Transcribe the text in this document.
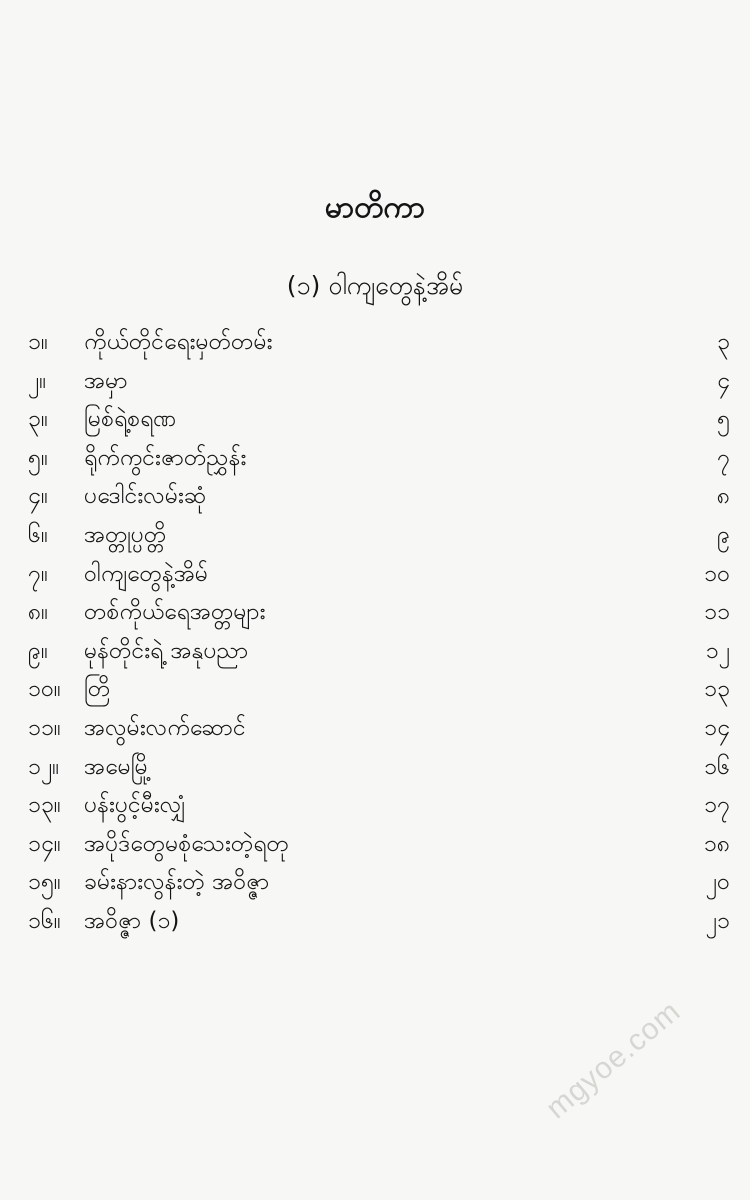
မာတိကာ
(၁) ဝါကျတွေနဲ့အိမ်
၁။	ကိုယ်တိုင်ရေးမှတ်တမ်း	၃
၂။	အမှာ	၄
၃။	မြစ်ရဲ့စရဏ	၅
၅။	ရိုက်ကွင်းဇာတ်ညွှန်း	၇
၄။	ပဒေါင်းလမ်းဆုံ	၈
၆။	အတ္တုပ္ပတ္တိ	၉
၇။	ဝါကျတွေနဲ့အိမ်	၁၀
၈။	တစ်ကိုယ်ရေအတ္တများ	၁၁
၉။	မုန်တိုင်းရဲ့ အနုပညာ	၁၂
၁၀။	တြိ	၁၃
၁၁။	အလွမ်းလက်ဆောင်	၁၄
၁၂။	အမေမြို့	၁၆
၁၃။	ပန်းပွင့်မီးလျှံ	၁၇
၁၄။	အပိုဒ်တွေမစုံသေးတဲ့ရတု	၁၈
၁၅။	ခမ်းနားလွန်းတဲ့ အဝိဇ္ဇာ	၂၀
၁၆။	အဝိဇ္ဇာ (၁)	၂၁
mgyoe.com
